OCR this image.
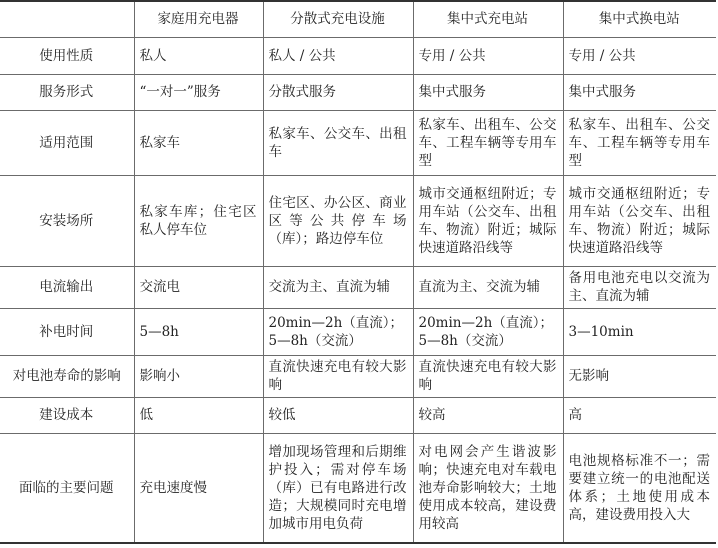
	家庭用充电器	分散式充电设施	集中式充电站	集中式换电站
使用性质	私人	私人 / 公共	专用 / 公共	专用 / 公共
服务形式	“一对一”服务	分散式服务	集中式服务	集中式服务
适用范围	私家车	私家车、公交车、出租车	私家车、出租车、公交车、工程车辆等专用车型	私家车、出租车、公交车、工程车辆等专用车型
安装场所	私家车库；住宅区私人停车位	住宅区、办公区、商业区等公共停车场（库）；路边停车位	城市交通枢纽附近；专用车站（公交车、出租车、物流）附近；城际快速道路沿线等	城市交通枢纽附近；专用车站（公交车、出租车、物流）附近；城际快速道路沿线等
电流输出	交流电	交流为主、直流为辅	直流为主、交流为辅	备用电池充电以交流为主、直流为辅
补电时间	5—8h	20min—2h（直流）；5—8h（交流）	20min—2h（直流）；5—8h（交流）	3—10min
对电池寿命的影响	影响小	直流快速充电有较大影响	直流快速充电有较大影响	无影响
建设成本	低	较低	较高	高
面临的主要问题	充电速度慢	增加现场管理和后期维护投入；需对停车场（库）已有电路进行改造；大规模同时充电增加城市用电负荷	对电网会产生谐波影响；快速充电对车载电池寿命影响较大；土地使用成本较高，建设费用较高	电池规格标准不一；需要建立统一的电池配送体系；土地使用成本高，建设费用投入大
